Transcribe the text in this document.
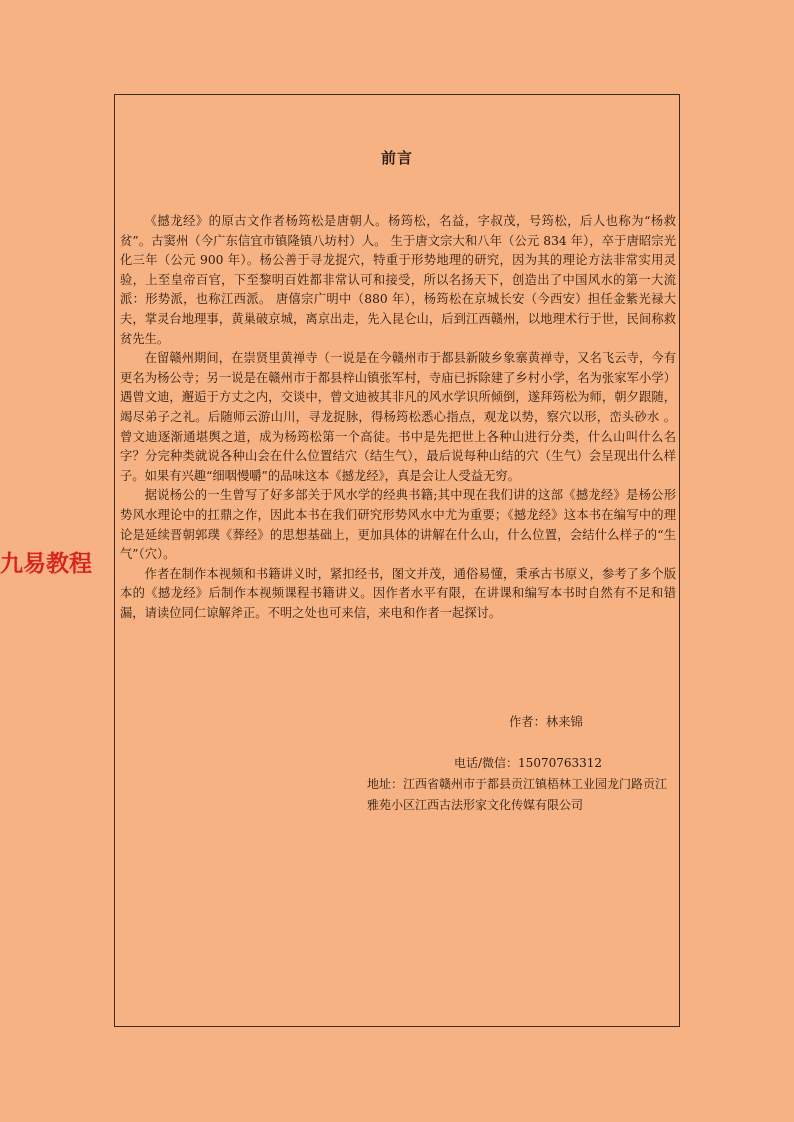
前言

《撼龙经》的原古文作者杨筠松是唐朝人。杨筠松，名益，字叔茂，号筠松，后人也称为“杨救贫”。古窦州（今广东信宜市镇隆镇八坊村）人。 生于唐文宗大和八年（公元 834 年），卒于唐昭宗光化三年（公元 900 年）。杨公善于寻龙捉穴，特重于形势地理的研究，因为其的理论方法非常实用灵验，上至皇帝百官，下至黎明百姓都非常认可和接受，所以名扬天下，创造出了中国风水的第一大流派：形势派，也称江西派。 唐僖宗广明中（880 年），杨筠松在京城长安（今西安）担任金紫光禄大夫，掌灵台地理事，黄巢破京城，离京出走，先入昆仑山，后到江西赣州，以地理术行于世，民间称救贫先生。

在留赣州期间，在崇贤里黄禅寺（一说是在今赣州市于都县新陂乡象寨黄禅寺，又名飞云寺，今有更名为杨公寺；另一说是在赣州市于都县梓山镇张军村，寺庙已拆除建了乡村小学，名为张家军小学）遇曾文迪，邂逅于方丈之内，交谈中，曾文迪被其非凡的风水学识所倾倒，遂拜筠松为师，朝夕跟随，竭尽弟子之礼。后随师云游山川，寻龙捉脉，得杨筠松悉心指点，观龙以势，察穴以形，峦头砂水 。曾文迪逐渐通堪舆之道，成为杨筠松第一个高徒。书中是先把世上各种山进行分类，什么山叫什么名字？分完种类就说各种山会在什么位置结穴（结生气），最后说每种山结的穴（生气）会呈现出什么样子。如果有兴趣“细咽慢嚼”的品味这本《撼龙经》，真是会让人受益无穷。

据说杨公的一生曾写了好多部关于风水学的经典书籍;其中现在我们讲的这部《撼龙经》是杨公形势风水理论中的扛鼎之作，因此本书在我们研究形势风水中尤为重要；《撼龙经》这本书在编写中的理论是延续晋朝郭璞《葬经》的思想基础上，更加具体的讲解在什么山，什么位置，会结什么样子的“生气”（穴）。

作者在制作本视频和书籍讲义时，紧扣经书，图文并茂，通俗易懂，秉承古书原义，参考了多个版本的《撼龙经》后制作本视频课程书籍讲义。因作者水平有限，在讲课和编写本书时自然有不足和错漏，请读位同仁谅解斧正。不明之处也可来信，来电和作者一起探讨。

作者：林来锦
电话/微信：15070763312
地址：江西省赣州市于都县贡江镇梧林工业园龙门路贡江雅苑小区江西古法形家文化传媒有限公司
九易教程
